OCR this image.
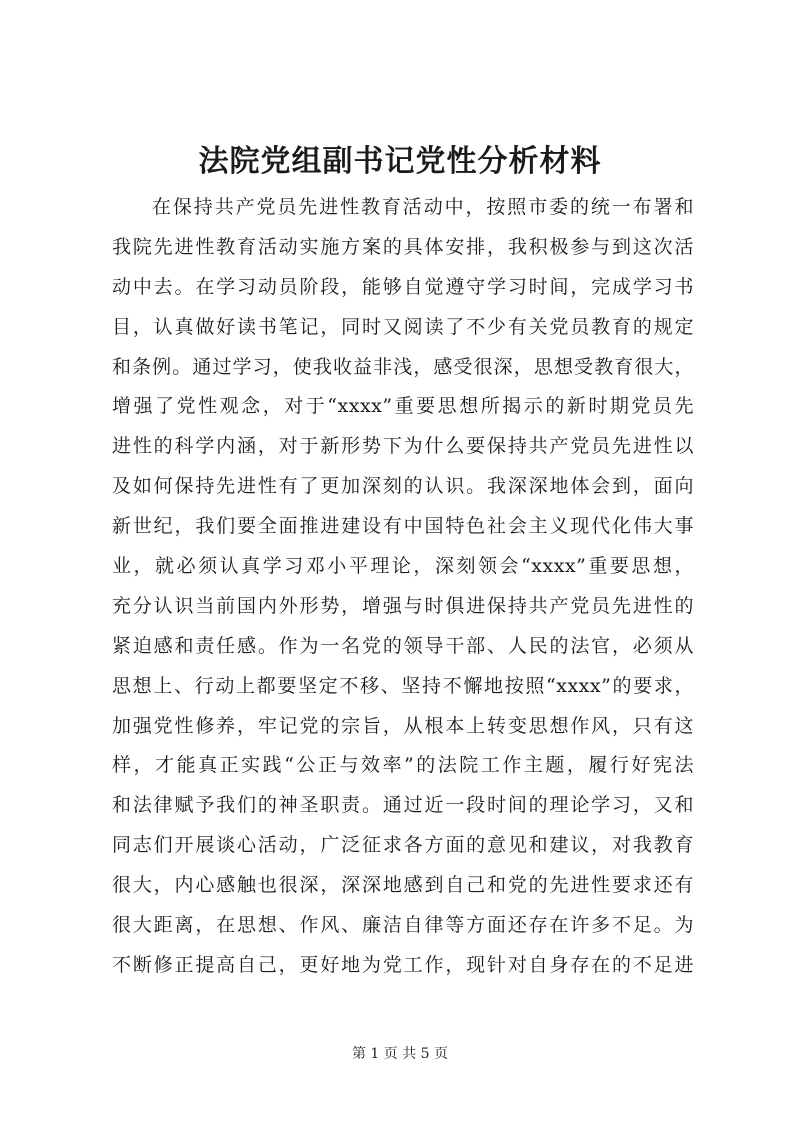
法院党组副书记党性分析材料
在保持共产党员先进性教育活动中，按照市委的统一布署和
我院先进性教育活动实施方案的具体安排，我积极参与到这次活
动中去。在学习动员阶段，能够自觉遵守学习时间，完成学习书
目，认真做好读书笔记，同时又阅读了不少有关党员教育的规定
和条例。通过学习，使我收益非浅，感受很深，思想受教育很大，
增强了党性观念，对于“xxxx”重要思想所揭示的新时期党员先
进性的科学内涵，对于新形势下为什么要保持共产党员先进性以
及如何保持先进性有了更加深刻的认识。我深深地体会到，面向
新世纪，我们要全面推进建设有中国特色社会主义现代化伟大事
业，就必须认真学习邓小平理论，深刻领会“xxxx”重要思想，
充分认识当前国内外形势，增强与时俱进保持共产党员先进性的
紧迫感和责任感。作为一名党的领导干部、人民的法官，必须从
思想上、行动上都要坚定不移、坚持不懈地按照“xxxx”的要求，
加强党性修养，牢记党的宗旨，从根本上转变思想作风，只有这
样，才能真正实践“公正与效率”的法院工作主题，履行好宪法
和法律赋予我们的神圣职责。通过近一段时间的理论学习，又和
同志们开展谈心活动，广泛征求各方面的意见和建议，对我教育
很大，内心感触也很深，深深地感到自己和党的先进性要求还有
很大距离，在思想、作风、廉洁自律等方面还存在许多不足。为
不断修正提高自己，更好地为党工作，现针对自身存在的不足进
第 1 页 共 5 页
